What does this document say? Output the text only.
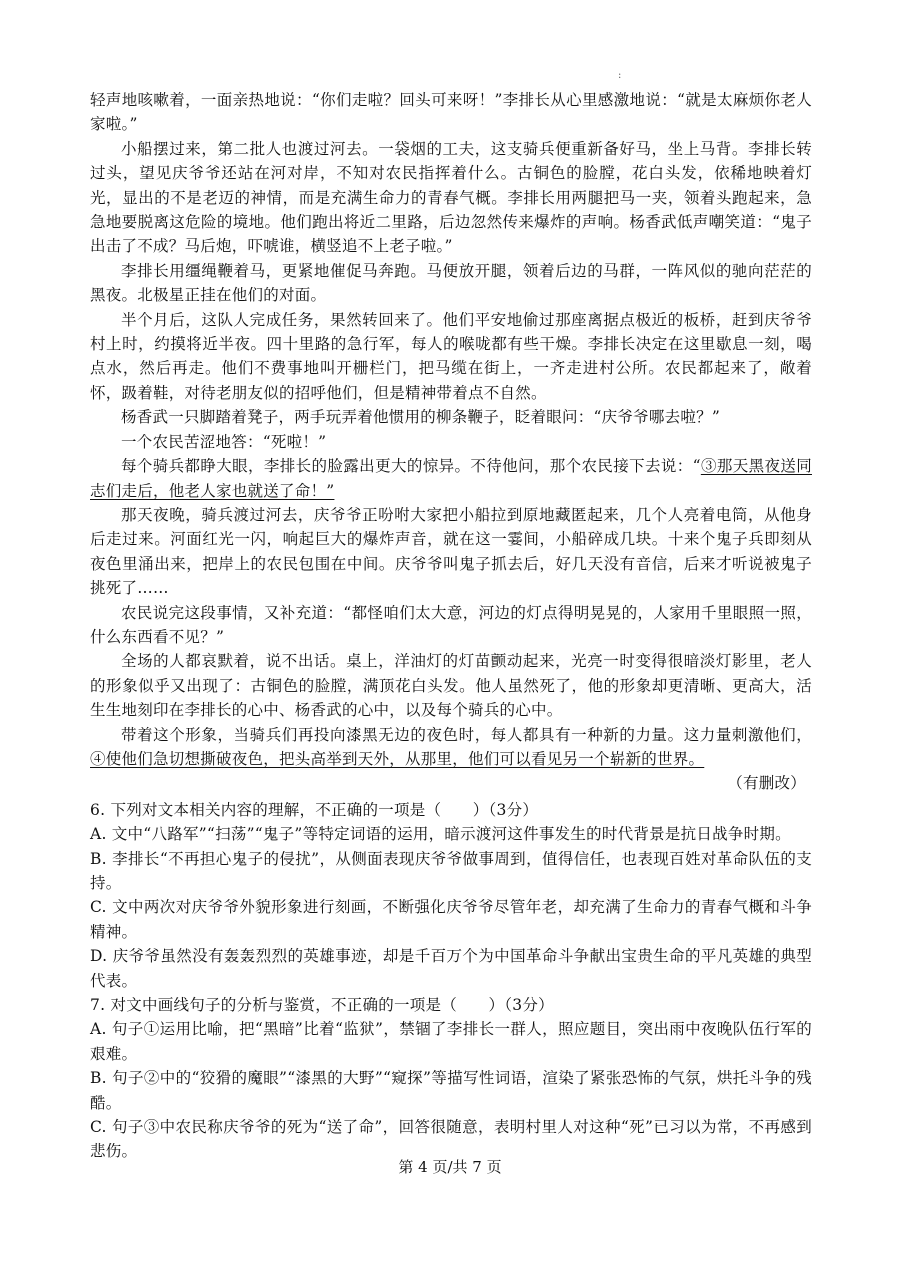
:

轻声地咳嗽着，一面亲热地说：“你们走啦？回头可来呀！”李排长从心里感激地说：“就是太麻烦你老人家啦。”

小船摆过来，第二批人也渡过河去。一袋烟的工夫，这支骑兵便重新备好马，坐上马背。李排长转过头，望见庆爷爷还站在河对岸，不知对农民指挥着什么。古铜色的脸膛，花白头发，依稀地映着灯光，显出的不是老迈的神情，而是充满生命力的青春气概。李排长用两腿把马一夹，领着头跑起来，急急地要脱离这危险的境地。他们跑出将近二里路，后边忽然传来爆炸的声响。杨香武低声嘲笑道：“鬼子出击了不成？马后炮，吓唬谁，横竖追不上老子啦。”

李排长用缰绳鞭着马，更紧地催促马奔跑。马便放开腿，领着后边的马群，一阵风似的驰向茫茫的黑夜。北极星正挂在他们的对面。

半个月后，这队人完成任务，果然转回来了。他们平安地偷过那座离据点极近的板桥，赶到庆爷爷村上时，约摸将近半夜。四十里路的急行军，每人的喉咙都有些干燥。李排长决定在这里歇息一刻，喝点水，然后再走。他们不费事地叫开栅栏门，把马缆在街上，一齐走进村公所。农民都起来了，敞着怀，趿着鞋，对待老朋友似的招呼他们，但是精神带着点不自然。

杨香武一只脚踏着凳子，两手玩弄着他惯用的柳条鞭子，眨着眼问：“庆爷爷哪去啦？”

一个农民苦涩地答：“死啦！”

每个骑兵都睁大眼，李排长的脸露出更大的惊异。不待他问，那个农民接下去说：“③那天黑夜送同志们走后，他老人家也就送了命！”

那天夜晚，骑兵渡过河去，庆爷爷正吩咐大家把小船拉到原地藏匿起来，几个人亮着电筒，从他身后走过来。河面红光一闪，响起巨大的爆炸声音，就在这一霎间，小船碎成几块。十来个鬼子兵即刻从夜色里涌出来，把岸上的农民包围在中间。庆爷爷叫鬼子抓去后，好几天没有音信，后来才听说被鬼子挑死了……

农民说完这段事情，又补充道：“都怪咱们太大意，河边的灯点得明晃晃的，人家用千里眼照一照，什么东西看不见？”

全场的人都哀默着，说不出话。桌上，洋油灯的灯苗颤动起来，光亮一时变得很暗淡灯影里，老人的形象似乎又出现了：古铜色的脸膛，满顶花白头发。他人虽然死了，他的形象却更清晰、更高大，活生生地刻印在李排长的心中、杨香武的心中，以及每个骑兵的心中。

带着这个形象，当骑兵们再投向漆黑无边的夜色时，每人都具有一种新的力量。这力量刺激他们，④使他们急切想撕破夜色，把头高举到天外，从那里，他们可以看见另一个崭新的世界。

（有删改）

6. 下列对文本相关内容的理解，不正确的一项是（　　）（3分）

A. 文中“八路军”“扫荡”“鬼子”等特定词语的运用，暗示渡河这件事发生的时代背景是抗日战争时期。

B. 李排长“不再担心鬼子的侵扰”，从侧面表现庆爷爷做事周到，值得信任，也表现百姓对革命队伍的支持。

C. 文中两次对庆爷爷外貌形象进行刻画，不断强化庆爷爷尽管年老，却充满了生命力的青春气概和斗争精神。

D. 庆爷爷虽然没有轰轰烈烈的英雄事迹，却是千百万个为中国革命斗争献出宝贵生命的平凡英雄的典型代表。

7. 对文中画线句子的分析与鉴赏，不正确的一项是（　　）（3分）

A. 句子①运用比喻，把“黑暗”比着“监狱”，禁锢了李排长一群人，照应题目，突出雨中夜晚队伍行军的艰难。

B. 句子②中的“狡猾的魔眼”“漆黑的大野”“窥探”等描写性词语，渲染了紧张恐怖的气氛，烘托斗争的残酷。

C. 句子③中农民称庆爷爷的死为“送了命”，回答很随意，表明村里人对这种“死”已习以为常，不再感到悲伤。

第 4 页/共 7 页
